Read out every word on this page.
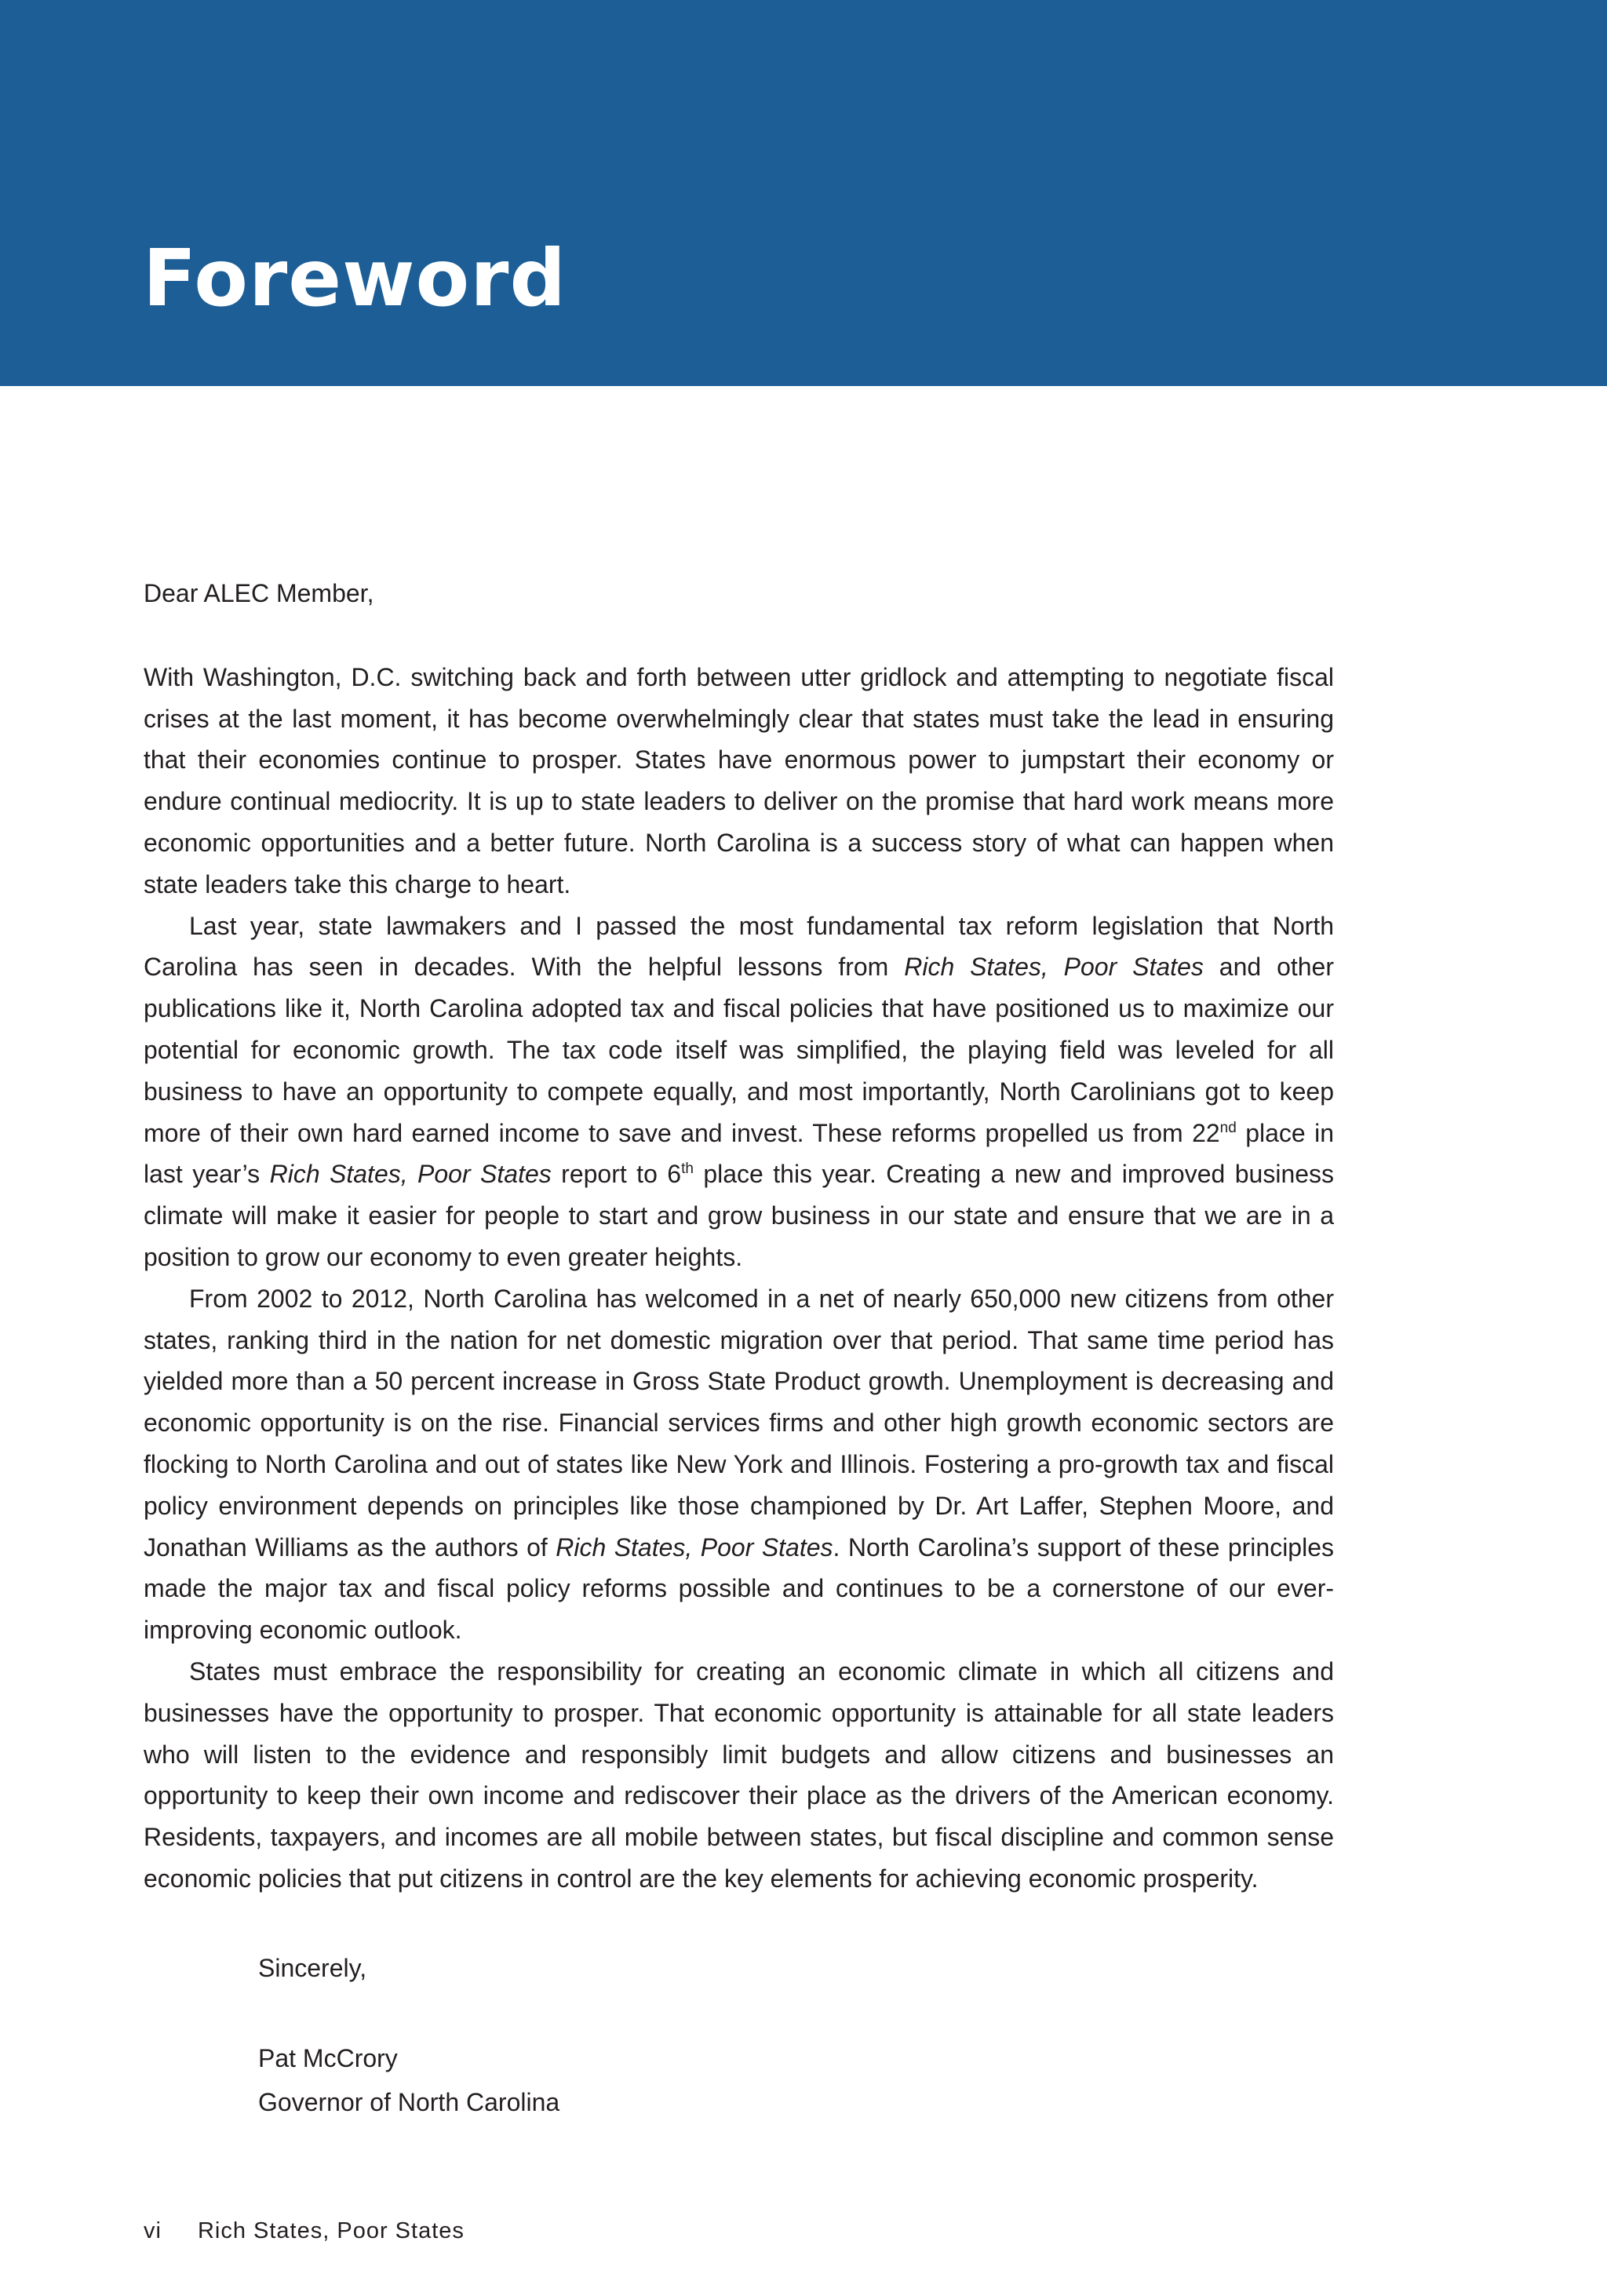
Foreword

Dear ALEC Member,

With Washington, D.C. switching back and forth between utter gridlock and attempting to negotiate fiscal crises at the last moment, it has become overwhelmingly clear that states must take the lead in ensuring that their economies continue to prosper. States have enormous power to jumpstart their economy or endure continual mediocrity. It is up to state leaders to deliver on the promise that hard work means more economic opportunities and a better future. North Carolina is a success story of what can happen when state leaders take this charge to heart.

Last year, state lawmakers and I passed the most fundamental tax reform legislation that North Carolina has seen in decades. With the helpful lessons from Rich States, Poor States and other publications like it, North Carolina adopted tax and fiscal policies that have positioned us to maximize our potential for economic growth. The tax code itself was simplified, the playing field was leveled for all business to have an opportunity to compete equally, and most importantly, North Carolinians got to keep more of their own hard earned income to save and invest. These reforms propelled us from 22nd place in last year’s Rich States, Poor States report to 6th place this year. Creating a new and improved business climate will make it easier for people to start and grow business in our state and ensure that we are in a position to grow our economy to even greater heights.

From 2002 to 2012, North Carolina has welcomed in a net of nearly 650,000 new citizens from other states, ranking third in the nation for net domestic migration over that period. That same time period has yielded more than a 50 percent increase in Gross State Product growth. Unemployment is decreasing and economic opportunity is on the rise. Financial services firms and other high growth economic sectors are flocking to North Carolina and out of states like New York and Illinois. Fostering a pro-growth tax and fiscal policy environment depends on principles like those championed by Dr. Art Laffer, Stephen Moore, and Jonathan Williams as the authors of Rich States, Poor States. North Carolina’s support of these principles made the major tax and fiscal policy reforms possible and continues to be a cornerstone of our ever-improving economic outlook.

States must embrace the responsibility for creating an economic climate in which all citizens and businesses have the opportunity to prosper. That economic opportunity is attainable for all state leaders who will listen to the evidence and responsibly limit budgets and allow citizens and businesses an opportunity to keep their own income and rediscover their place as the drivers of the American economy. Residents, taxpayers, and incomes are all mobile between states, but fiscal discipline and common sense economic policies that put citizens in control are the key elements for achieving economic prosperity.

Sincerely,
Pat McCrory
Governor of North Carolina
vi Rich States, Poor States
